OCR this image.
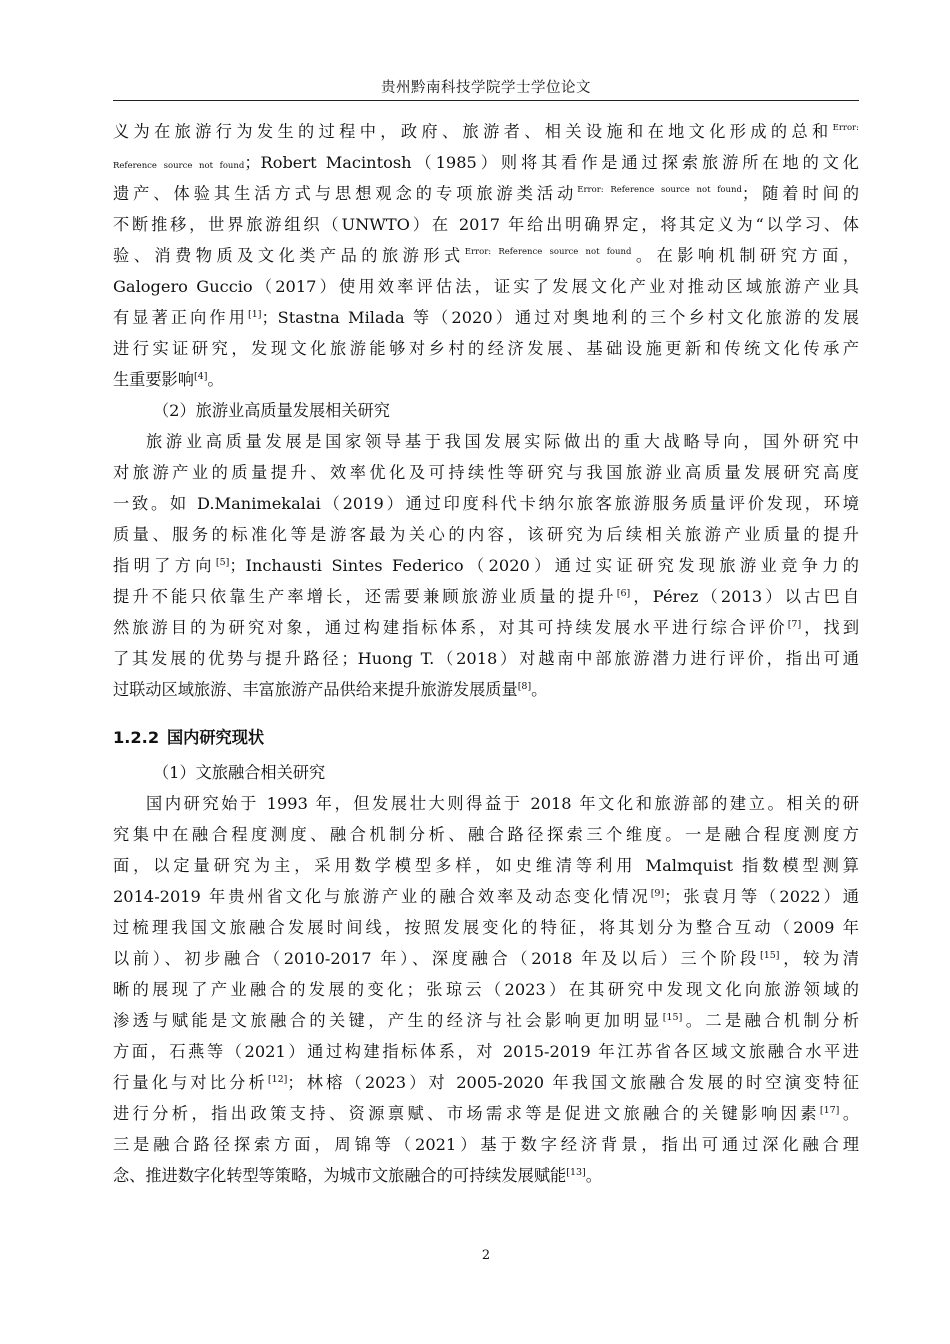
贵州黔南科技学院学士学位论文
义为在旅游行为发生的过程中，政府、旅游者、相关设施和在地文化形成的总和$^{Error:}$
Reference source not found；Robert Macintosh（1985）则将其看作是通过探索旅游所在地的文化
遗产、体验其生活方式与思想观念的专项旅游类活动$^{Error: Reference source not found}$；随着时间的
不断推移，世界旅游组织（UNWTO）在 2017 年给出明确界定，将其定义为“以学习、体
验、消费物质及文化类产品的旅游形式$^{Error: Reference source not found}$。在影响机制研究方面，
Galogero Guccio（2017）使用效率评估法，证实了发展文化产业对推动区域旅游产业具
有显著正向作用[1]；Stastna Milada 等（2020）通过对奥地利的三个乡村文化旅游的发展
进行实证研究，发现文化旅游能够对乡村的经济发展、基础设施更新和传统文化传承产
生重要影响[4]。
（2）旅游业高质量发展相关研究
旅游业高质量发展是国家领导基于我国发展实际做出的重大战略导向，国外研究中
对旅游产业的质量提升、效率优化及可持续性等研究与我国旅游业高质量发展研究高度
一致。如 D.Manimekalai（2019）通过印度科代卡纳尔旅客旅游服务质量评价发现，环境
质量、服务的标准化等是游客最为关心的内容，该研究为后续相关旅游产业质量的提升
指明了方向[5]；Inchausti Sintes Federico（2020）通过实证研究发现旅游业竞争力的
提升不能只依靠生产率增长，还需要兼顾旅游业质量的提升[6]，Pérez（2013）以古巴自
然旅游目的为研究对象，通过构建指标体系，对其可持续发展水平进行综合评价[7]，找到
了其发展的优势与提升路径；Huong T.（2018）对越南中部旅游潜力进行评价，指出可通
过联动区域旅游、丰富旅游产品供给来提升旅游发展质量[8]。
1.2.2 国内研究现状
（1）文旅融合相关研究
国内研究始于 1993 年，但发展壮大则得益于 2018 年文化和旅游部的建立。相关的研
究集中在融合程度测度、融合机制分析、融合路径探索三个维度。一是融合程度测度方
面，以定量研究为主，采用数学模型多样，如史维清等利用 Malmquist 指数模型测算
2014-2019 年贵州省文化与旅游产业的融合效率及动态变化情况[9]；张袁月等（2022）通
过梳理我国文旅融合发展时间线，按照发展变化的特征，将其划分为整合互动（2009 年
以前）、初步融合（2010-2017 年）、深度融合（2018 年及以后）三个阶段[15]，较为清
晰的展现了产业融合的发展的变化；张琼云（2023）在其研究中发现文化向旅游领域的
渗透与赋能是文旅融合的关键，产生的经济与社会影响更加明显[15]。二是融合机制分析
方面，石燕等（2021）通过构建指标体系，对 2015-2019 年江苏省各区域文旅融合水平进
行量化与对比分析[12]；林榕（2023）对 2005-2020 年我国文旅融合发展的时空演变特征
进行分析，指出政策支持、资源禀赋、市场需求等是促进文旅融合的关键影响因素[17]。
三是融合路径探索方面，周锦等（2021）基于数字经济背景，指出可通过深化融合理
念、推进数字化转型等策略，为城市文旅融合的可持续发展赋能[13]。
2
